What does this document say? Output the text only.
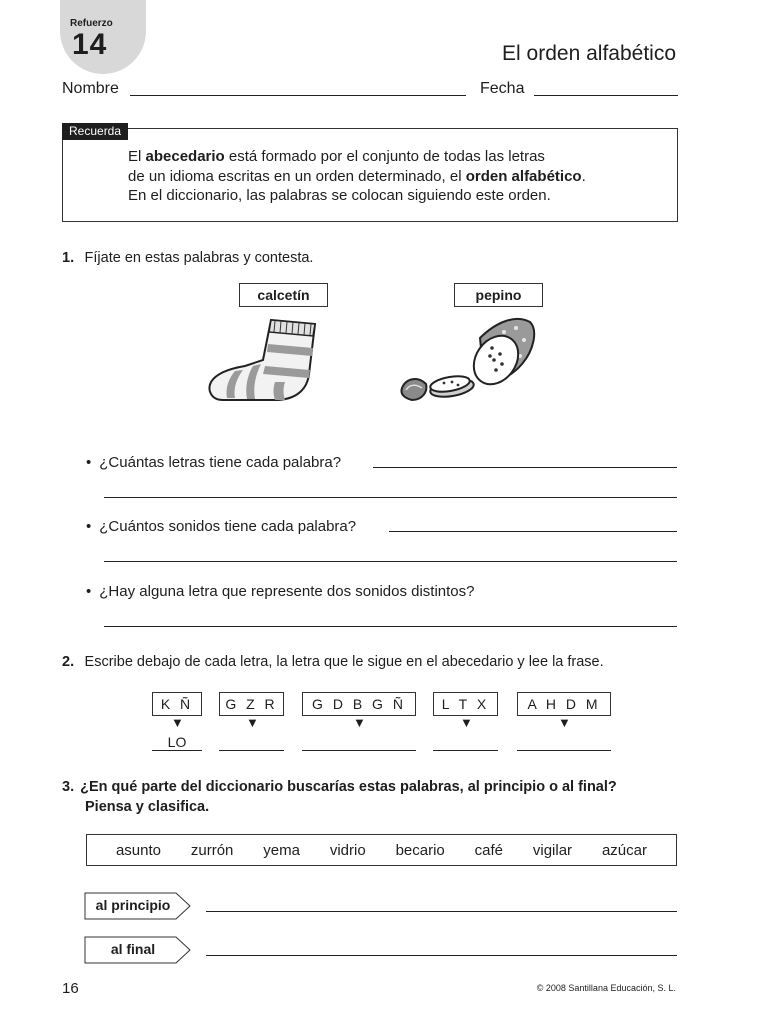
Refuerzo
14	El orden alfabético
Nombre	Fecha
Recuerda
El abecedario está formado por el conjunto de todas las letras
de un idioma escritas en un orden determinado, el orden alfabético.
En el diccionario, las palabras se colocan siguiendo este orden.
1. Fíjate en estas palabras y contesta.
calcetín	pepino
• ¿Cuántas letras tiene cada palabra?
• ¿Cuántos sonidos tiene cada palabra?
• ¿Hay alguna letra que represente dos sonidos distintos?
2. Escribe debajo de cada letra, la letra que le sigue en el abecedario y lee la frase.
K Ñ	G Z R	G D B G Ñ	L T X	A H D M
▼	▼	▼	▼	▼
LO
3. ¿En qué parte del diccionario buscarías estas palabras, al principio o al final?
Piensa y clasifica.
asunto zurrón yema vidrio becario café vigilar azúcar
al principio
al final
16	© 2008 Santillana Educación, S. L.
